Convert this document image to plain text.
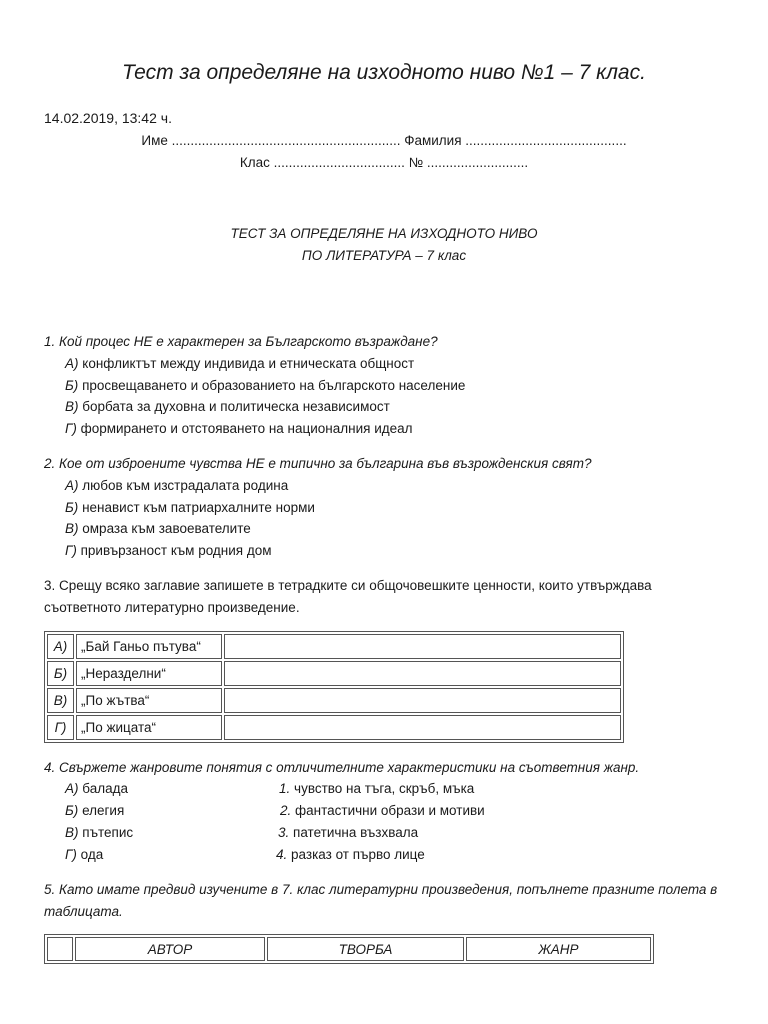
Тест за определяне на изходното ниво №1 – 7 клас.
14.02.2019, 13:42 ч.
Име ............................................................. Фамилия ...........................................
Клас ................................... № ...........................
ТЕСТ ЗА ОПРЕДЕЛЯНЕ НА ИЗХОДНОТО НИВО
ПО ЛИТЕРАТУРА – 7 клас
1. Кой процес НЕ е характерен за Българското възраждане?
А) конфликтът между индивида и етническата общност
Б) просвещаването и образованието на българското население
В) борбата за духовна и политическа независимост
Г) формирането и отстояването на националния идеал
2. Кое от изброените чувства НЕ е типично за българина във възрожденския свят?
А) любов към изстрадалата родина
Б) ненавист към патриархалните норми
В) омраза към завоевателите
Г) привързаност към родния дом
3. Срещу всяко заглавие запишете в тетрадките си общочовешките ценности, които утвърждава
съответното литературно произведение.
А)	„Бай Ганьо пътува“	
Б)	„Неразделни“	
В)	„По жътва“	
Г)	„По жицата“	
4. Свържете жанровите понятия с отличителните характеристики на съответния жанр.
А) балада
Б) елегия
В) пътепис
Г) ода
1. чувство на тъга, скръб, мъка
2. фантастични образи и мотиви
3. патетична възхвала
4. разказ от първо лице
5. Като имате предвид изучените в 7. клас литературни произведения, попълнете празните полета в
таблицата.
	АВТОР	ТВОРБА	ЖАНР
